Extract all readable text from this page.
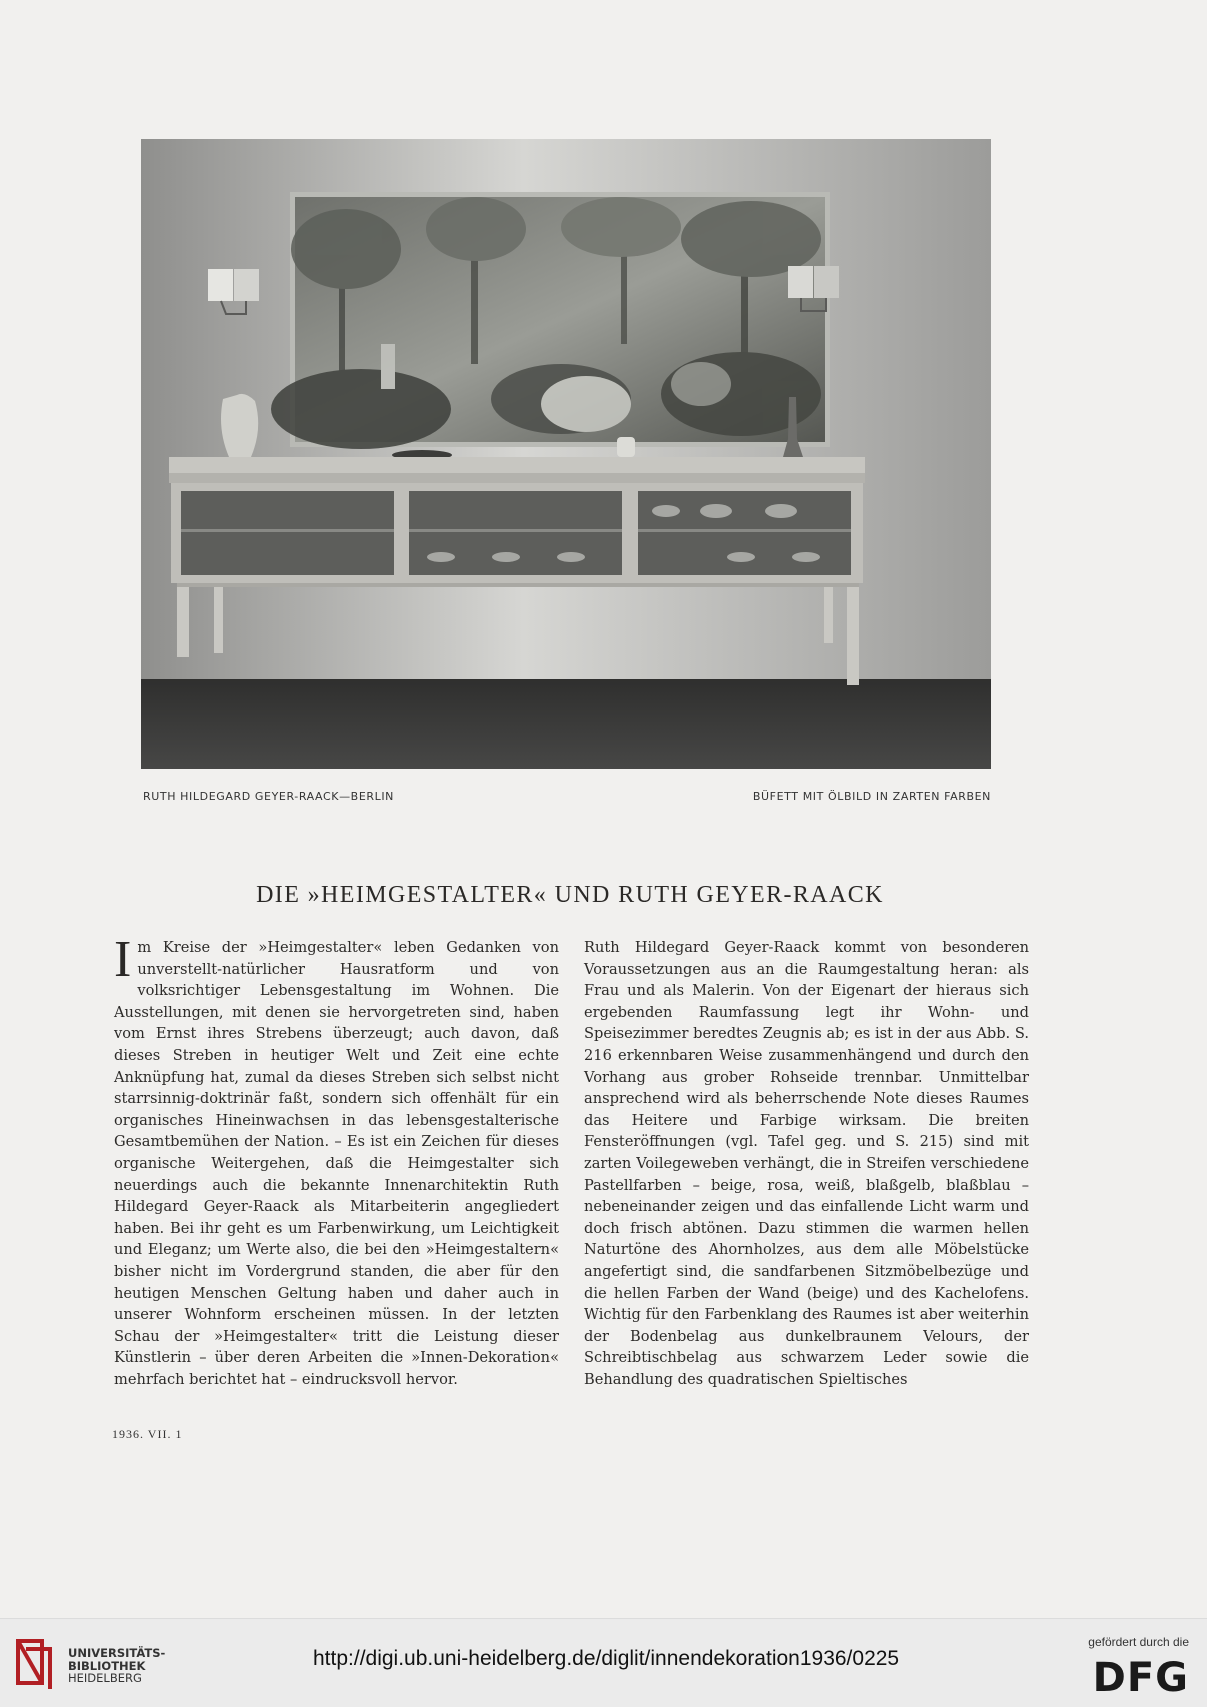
RUTH HILDEGARD GEYER-RAACK—BERLIN	BÜFETT MIT ÖLBILD IN ZARTEN FARBEN
DIE »HEIMGESTALTER« UND RUTH GEYER-RAACK
I m Kreise der »Heimgestalter« leben Gedanken von unverstellt-natürlicher Hausratform und von volksrichtiger Lebensgestaltung im Wohnen. Die Ausstellungen, mit denen sie hervorgetreten sind, haben vom Ernst ihres Strebens überzeugt; auch davon, daß dieses Streben in heutiger Welt und Zeit eine echte Anknüpfung hat, zumal da dieses Streben sich selbst nicht starrsinnig-doktrinär faßt, sondern sich offenhält für ein organisches Hineinwachsen in das lebensgestalterische Gesamtbemühen der Nation. – Es ist ein Zeichen für dieses organische Weitergehen, daß die Heimgestalter sich neuerdings auch die bekannte Innenarchitektin Ruth Hildegard Geyer-Raack als Mitarbeiterin angegliedert haben. Bei ihr geht es um Farbenwirkung, um Leichtigkeit und Eleganz; um Werte also, die bei den »Heimgestaltern« bisher nicht im Vordergrund standen, die aber für den heutigen Menschen Geltung haben und daher auch in unserer Wohnform erscheinen müssen. In der letzten Schau der »Heimgestalter« tritt die Leistung dieser Künstlerin – über deren Arbeiten die »Innen-Dekoration« mehrfach berichtet hat – eindrucksvoll hervor.

Ruth Hildegard Geyer-Raack kommt von besonderen Voraussetzungen aus an die Raumgestaltung heran: als Frau und als Malerin. Von der Eigenart der hieraus sich ergebenden Raumfassung legt ihr Wohn- und Speisezimmer beredtes Zeugnis ab; es ist in der aus Abb. S. 216 erkennbaren Weise zusammenhängend und durch den Vorhang aus grober Rohseide trennbar. Unmittelbar ansprechend wird als beherrschende Note dieses Raumes das Heitere und Farbige wirksam. Die breiten Fensteröffnungen (vgl. Tafel geg. und S. 215) sind mit zarten Voilegeweben verhängt, die in Streifen verschiedene Pastellfarben – beige, rosa, weiß, blaßgelb, blaßblau – nebeneinander zeigen und das einfallende Licht warm und doch frisch abtönen. Dazu stimmen die warmen hellen Naturtöne des Ahornholzes, aus dem alle Möbelstücke angefertigt sind, die sandfarbenen Sitzmöbelbezüge und die hellen Farben der Wand (beige) und des Kachelofens. Wichtig für den Farbenklang des Raumes ist aber weiterhin der Bodenbelag aus dunkelbraunem Velours, der Schreibtischbelag aus schwarzem Leder sowie die Behandlung des quadratischen Spieltisches

1936. VII. 1
UNIVERSITÄTS-
BIBLIOTHEK
HEIDELBERG
http://digi.ub.uni-heidelberg.de/diglit/innendekoration1936/0225
gefördert durch die
DFG
